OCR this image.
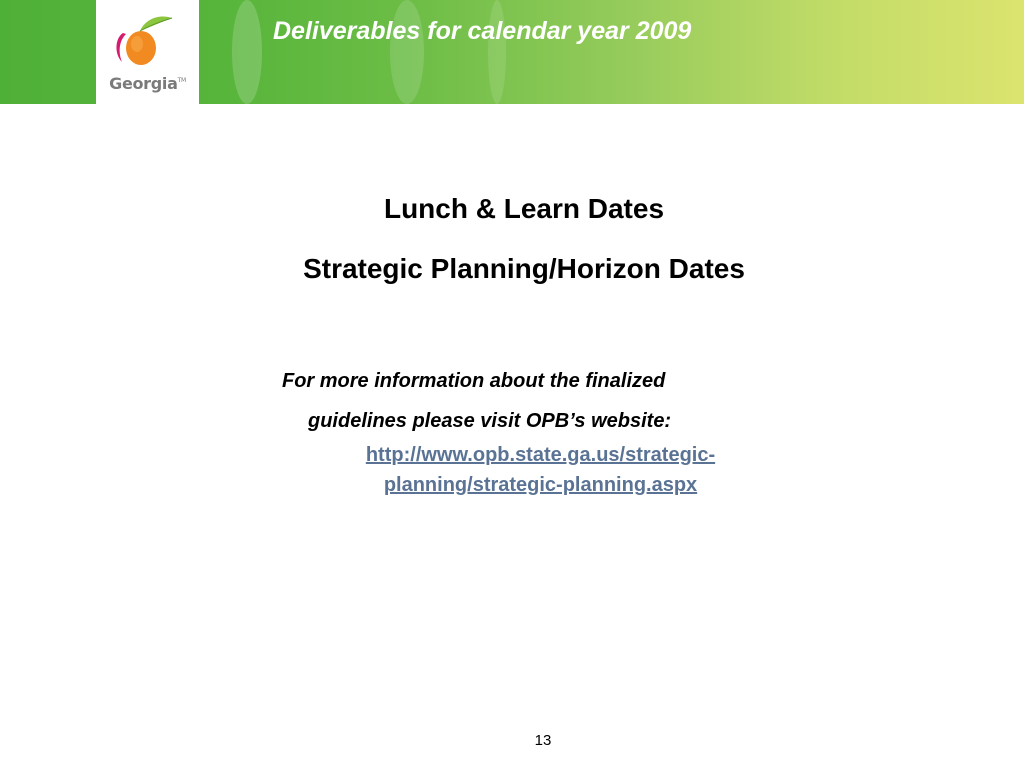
Georgia™
Deliverables for calendar year 2009
Lunch & Learn Dates
Strategic Planning/Horizon Dates
For more information about the finalized
guidelines please visit OPB’s website:
http://www.opb.state.ga.us/strategic-
planning/strategic-planning.aspx
13
